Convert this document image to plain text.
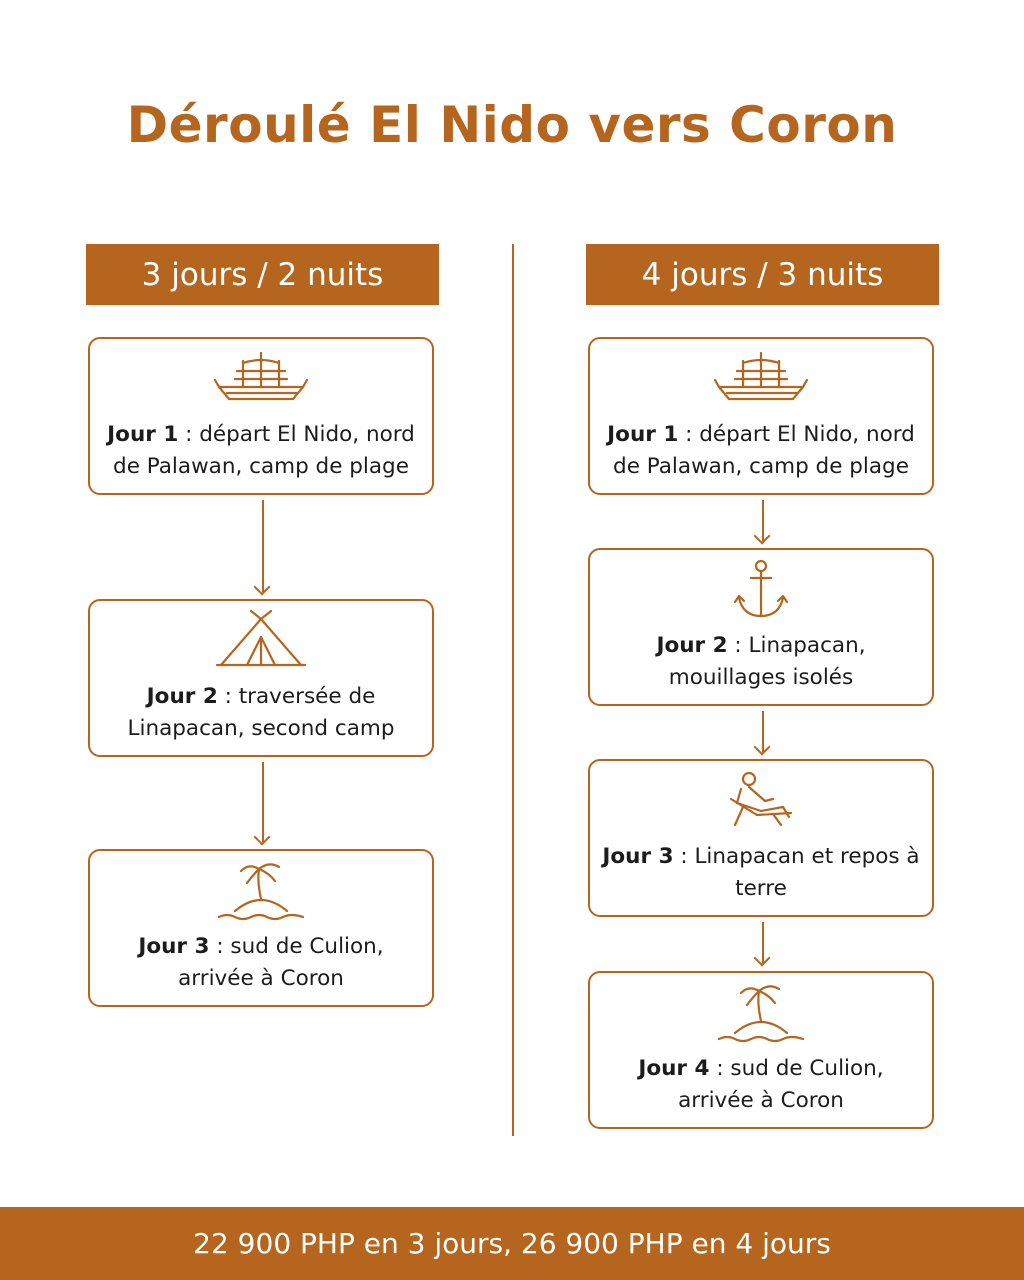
Déroulé El Nido vers Coron
3 jours / 2 nuits
Jour 1 : départ El Nido, nord de Palawan, camp de plage
Jour 2 : traversée de Linapacan, second camp
Jour 3 : sud de Culion, arrivée à Coron
4 jours / 3 nuits
Jour 1 : départ El Nido, nord de Palawan, camp de plage
Jour 2 : Linapacan, mouillages isolés
Jour 3 : Linapacan et repos à terre
Jour 4 : sud de Culion, arrivée à Coron
22 900 PHP en 3 jours, 26 900 PHP en 4 jours
